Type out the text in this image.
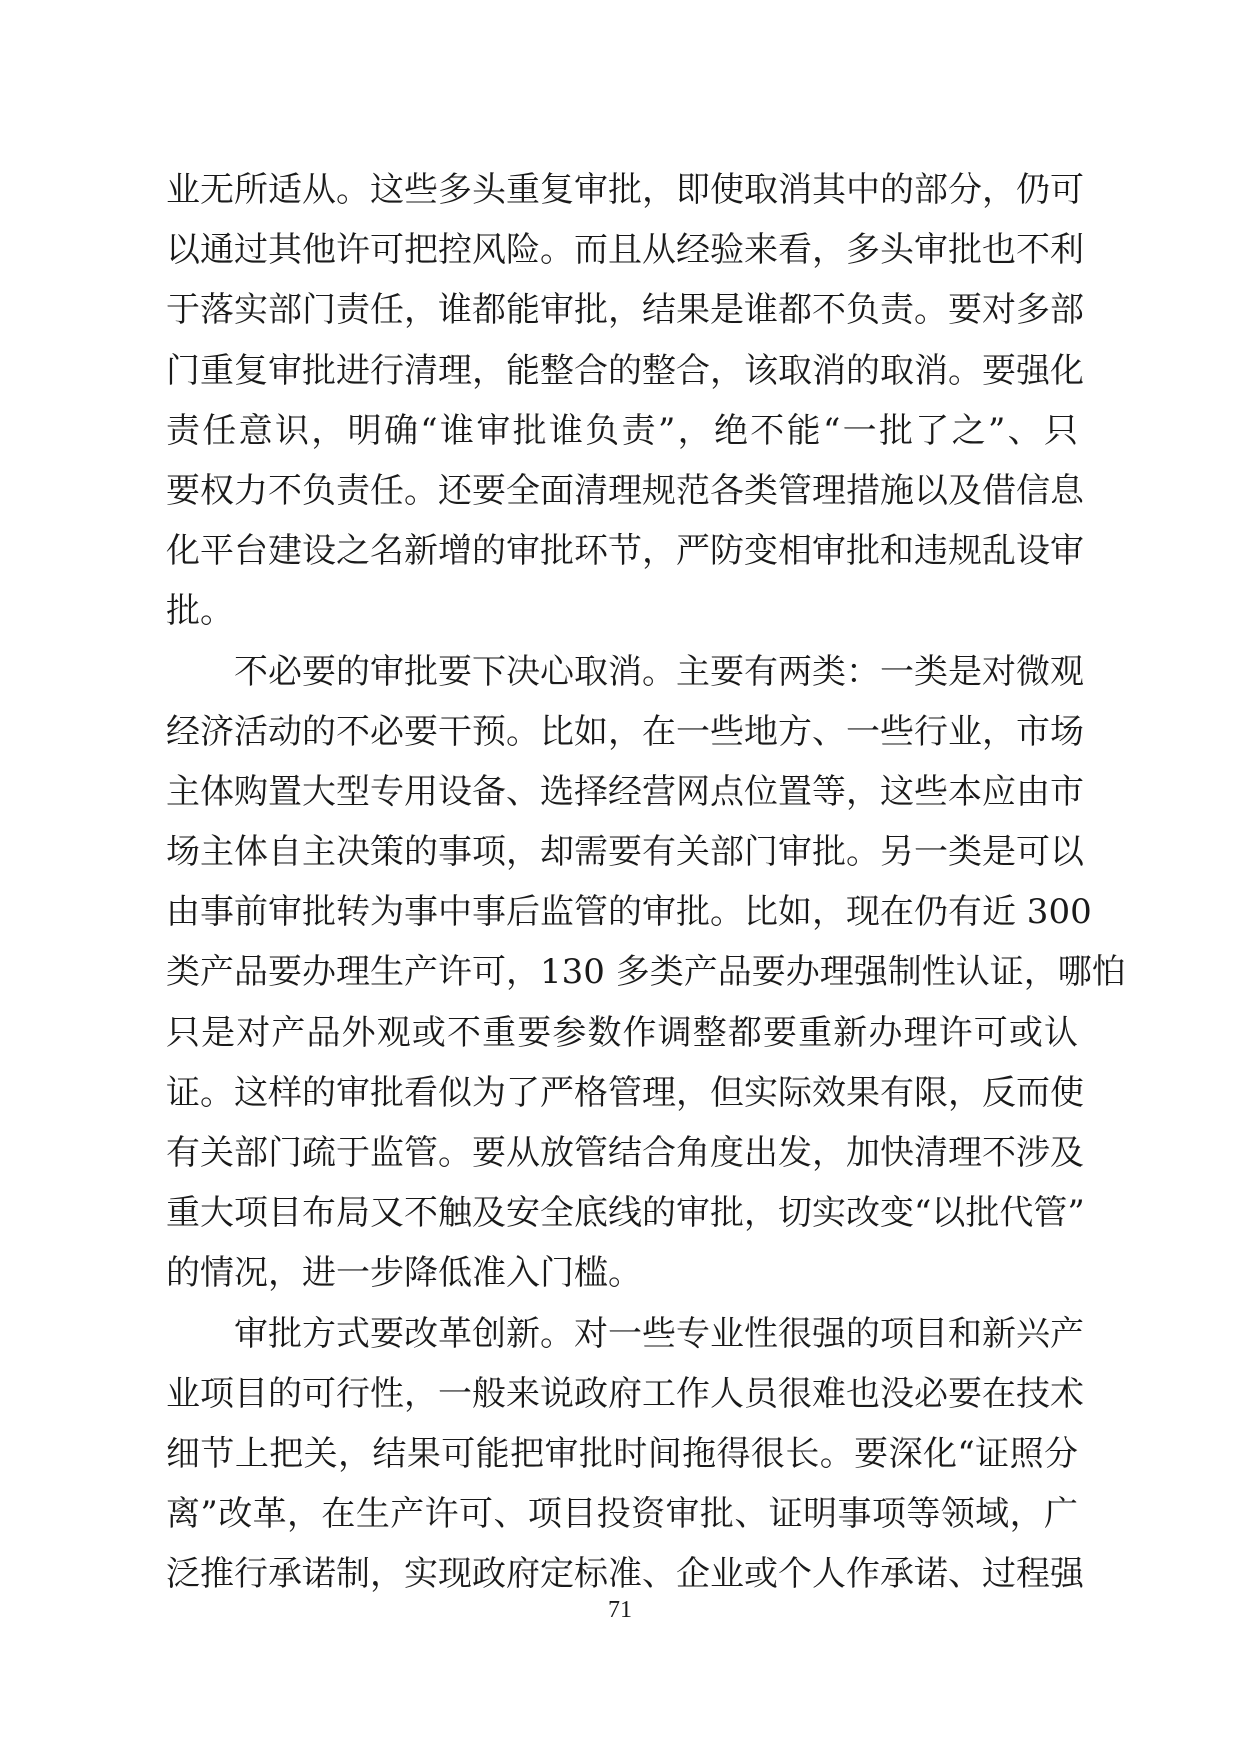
业无所适从。这些多头重复审批，即使取消其中的部分，仍可
以通过其他许可把控风险。而且从经验来看，多头审批也不利
于落实部门责任，谁都能审批，结果是谁都不负责。要对多部
门重复审批进行清理，能整合的整合，该取消的取消。要强化
责任意识，明确“谁审批谁负责”，绝不能“一批了之”、只
要权力不负责任。还要全面清理规范各类管理措施以及借信息
化平台建设之名新增的审批环节，严防变相审批和违规乱设审
批。
不必要的审批要下决心取消。主要有两类：一类是对微观
经济活动的不必要干预。比如，在一些地方、一些行业，市场
主体购置大型专用设备、选择经营网点位置等，这些本应由市
场主体自主决策的事项，却需要有关部门审批。另一类是可以
由事前审批转为事中事后监管的审批。比如，现在仍有近 300
类产品要办理生产许可，130 多类产品要办理强制性认证，哪怕
只是对产品外观或不重要参数作调整都要重新办理许可或认
证。这样的审批看似为了严格管理，但实际效果有限，反而使
有关部门疏于监管。要从放管结合角度出发，加快清理不涉及
重大项目布局又不触及安全底线的审批，切实改变“以批代管”
的情况，进一步降低准入门槛。
审批方式要改革创新。对一些专业性很强的项目和新兴产
业项目的可行性，一般来说政府工作人员很难也没必要在技术
细节上把关，结果可能把审批时间拖得很长。要深化“证照分
离”改革，在生产许可、项目投资审批、证明事项等领域，广
泛推行承诺制，实现政府定标准、企业或个人作承诺、过程强
71
